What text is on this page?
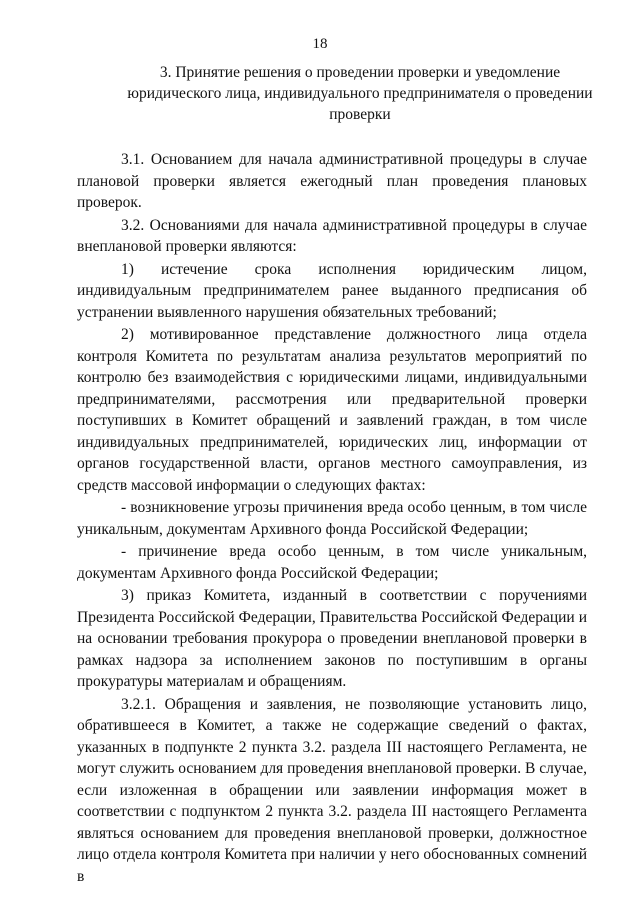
18
3. Принятие решения о проведении проверки и уведомление юридического лица, индивидуального предпринимателя о проведении проверки

3.1. Основанием для начала административной процедуры в случае плановой проверки является ежегодный план проведения плановых проверок.

3.2. Основаниями для начала административной процедуры в случае внеплановой проверки являются:

1) истечение срока исполнения юридическим лицом, индивидуальным предпринимателем ранее выданного предписания об устранении выявленного нарушения обязательных требований;

2) мотивированное представление должностного лица отдела контроля Комитета по результатам анализа результатов мероприятий по контролю без взаимодействия с юридическими лицами, индивидуальными предпринимателями, рассмотрения или предварительной проверки поступивших в Комитет обращений и заявлений граждан, в том числе индивидуальных предпринимателей, юридических лиц, информации от органов государственной власти, органов местного самоуправления, из средств массовой информации о следующих фактах:

- возникновение угрозы причинения вреда особо ценным, в том числе уникальным, документам Архивного фонда Российской Федерации;

- причинение вреда особо ценным, в том числе уникальным, документам Архивного фонда Российской Федерации;

3) приказ Комитета, изданный в соответствии с поручениями Президента Российской Федерации, Правительства Российской Федерации и на основании требования прокурора о проведении внеплановой проверки в рамках надзора за исполнением законов по поступившим в органы прокуратуры материалам и обращениям.

3.2.1. Обращения и заявления, не позволяющие установить лицо, обратившееся в Комитет, а также не содержащие сведений о фактах, указанных в подпункте 2 пункта 3.2. раздела III настоящего Регламента, не могут служить основанием для проведения внеплановой проверки. В случае, если изложенная в обращении или заявлении информация может в соответствии с подпунктом 2 пункта 3.2. раздела III настоящего Регламента являться основанием для проведения внеплановой проверки, должностное лицо отдела контроля Комитета при наличии у него обоснованных сомнений в
